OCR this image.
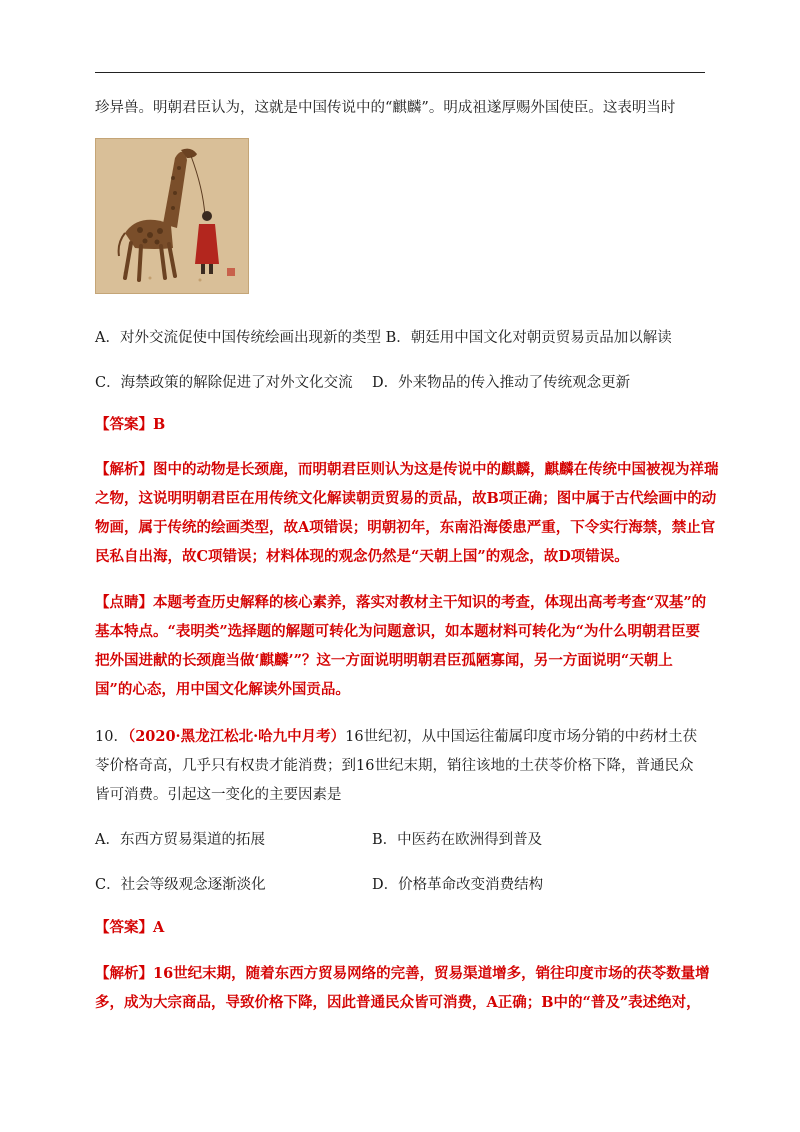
珍异兽。明朝君臣认为，这就是中国传说中的“麒麟”。明成祖遂厚赐外国使臣。这表明当时
A．对外交流促使中国传统绘画出现新的类型 B．朝廷用中国文化对朝贡贸易贡品加以解读
C．海禁政策的解除促进了对外文化交流 D．外来物品的传入推动了传统观念更新
【答案】B
【解析】图中的动物是长颈鹿，而明朝君臣则认为这是传说中的麒麟，麒麟在传统中国被视为祥瑞
之物，这说明明朝君臣在用传统文化解读朝贡贸易的贡品，故B项正确；图中属于古代绘画中的动
物画，属于传统的绘画类型，故A项错误；明朝初年，东南沿海倭患严重，下令实行海禁，禁止官
民私自出海，故C项错误；材料体现的观念仍然是“天朝上国”的观念，故D项错误。
【点睛】本题考查历史解释的核心素养，落实对教材主干知识的考查，体现出高考考查“双基”的
基本特点。“表明类”选择题的解题可转化为问题意识，如本题材料可转化为“为什么明朝君臣要
把外国进献的长颈鹿当做‘麒麟’”？这一方面说明明朝君臣孤陋寡闻，另一方面说明“天朝上
国”的心态，用中国文化解读外国贡品。
10．（2020·黑龙江松北·哈九中月考）16世纪初，从中国运往葡属印度市场分销的中药材土茯
苓价格奇高，几乎只有权贵才能消费；到16世纪末期，销往该地的土茯苓价格下降，普通民众
皆可消费。引起这一变化的主要因素是
A．东西方贸易渠道的拓展	B．中医药在欧洲得到普及
C．社会等级观念逐渐淡化	D．价格革命改变消费结构
【答案】A
【解析】16世纪末期，随着东西方贸易网络的完善，贸易渠道增多，销往印度市场的茯苓数量增
多，成为大宗商品，导致价格下降，因此普通民众皆可消费，A正确；B中的“普及”表述绝对，
